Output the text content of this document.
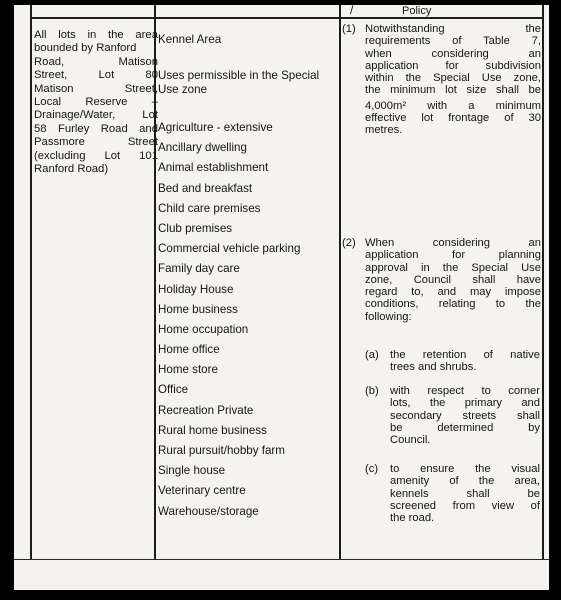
Policy
/
All lots in the area
bounded by Ranford
Road, Matison
Street, Lot 80
Matison Street,
Local Reserve –
Drainage/Water, Lot
58 Furley Road and
Passmore Street
(excluding Lot 101
Ranford Road)
Kennel Area
Uses permissible in the Special
Use zone
Agriculture - extensive
Ancillary dwelling
Animal establishment
Bed and breakfast
Child care premises
Club premises
Commercial vehicle parking
Family day care
Holiday House
Home business
Home occupation
Home office
Home store
Office
Recreation Private
Rural home business
Rural pursuit/hobby farm
Single house
Veterinary centre
Warehouse/storage
(1) Notwithstanding the
requirements of Table 7,
when considering an
application for subdivision
within the Special Use zone,
the minimum lot size shall be
4,000m² with a minimum
effective lot frontage of 30
metres.
(2) When considering an
application for planning
approval in the Special Use
zone, Council shall have
regard to, and may impose
conditions, relating to the
following:
(a) the retention of native
trees and shrubs.
(b) with respect to corner
lots, the primary and
secondary streets shall
be determined by
Council.
(c) to ensure the visual
amenity of the area,
kennels shall be
screened from view of
the road.
